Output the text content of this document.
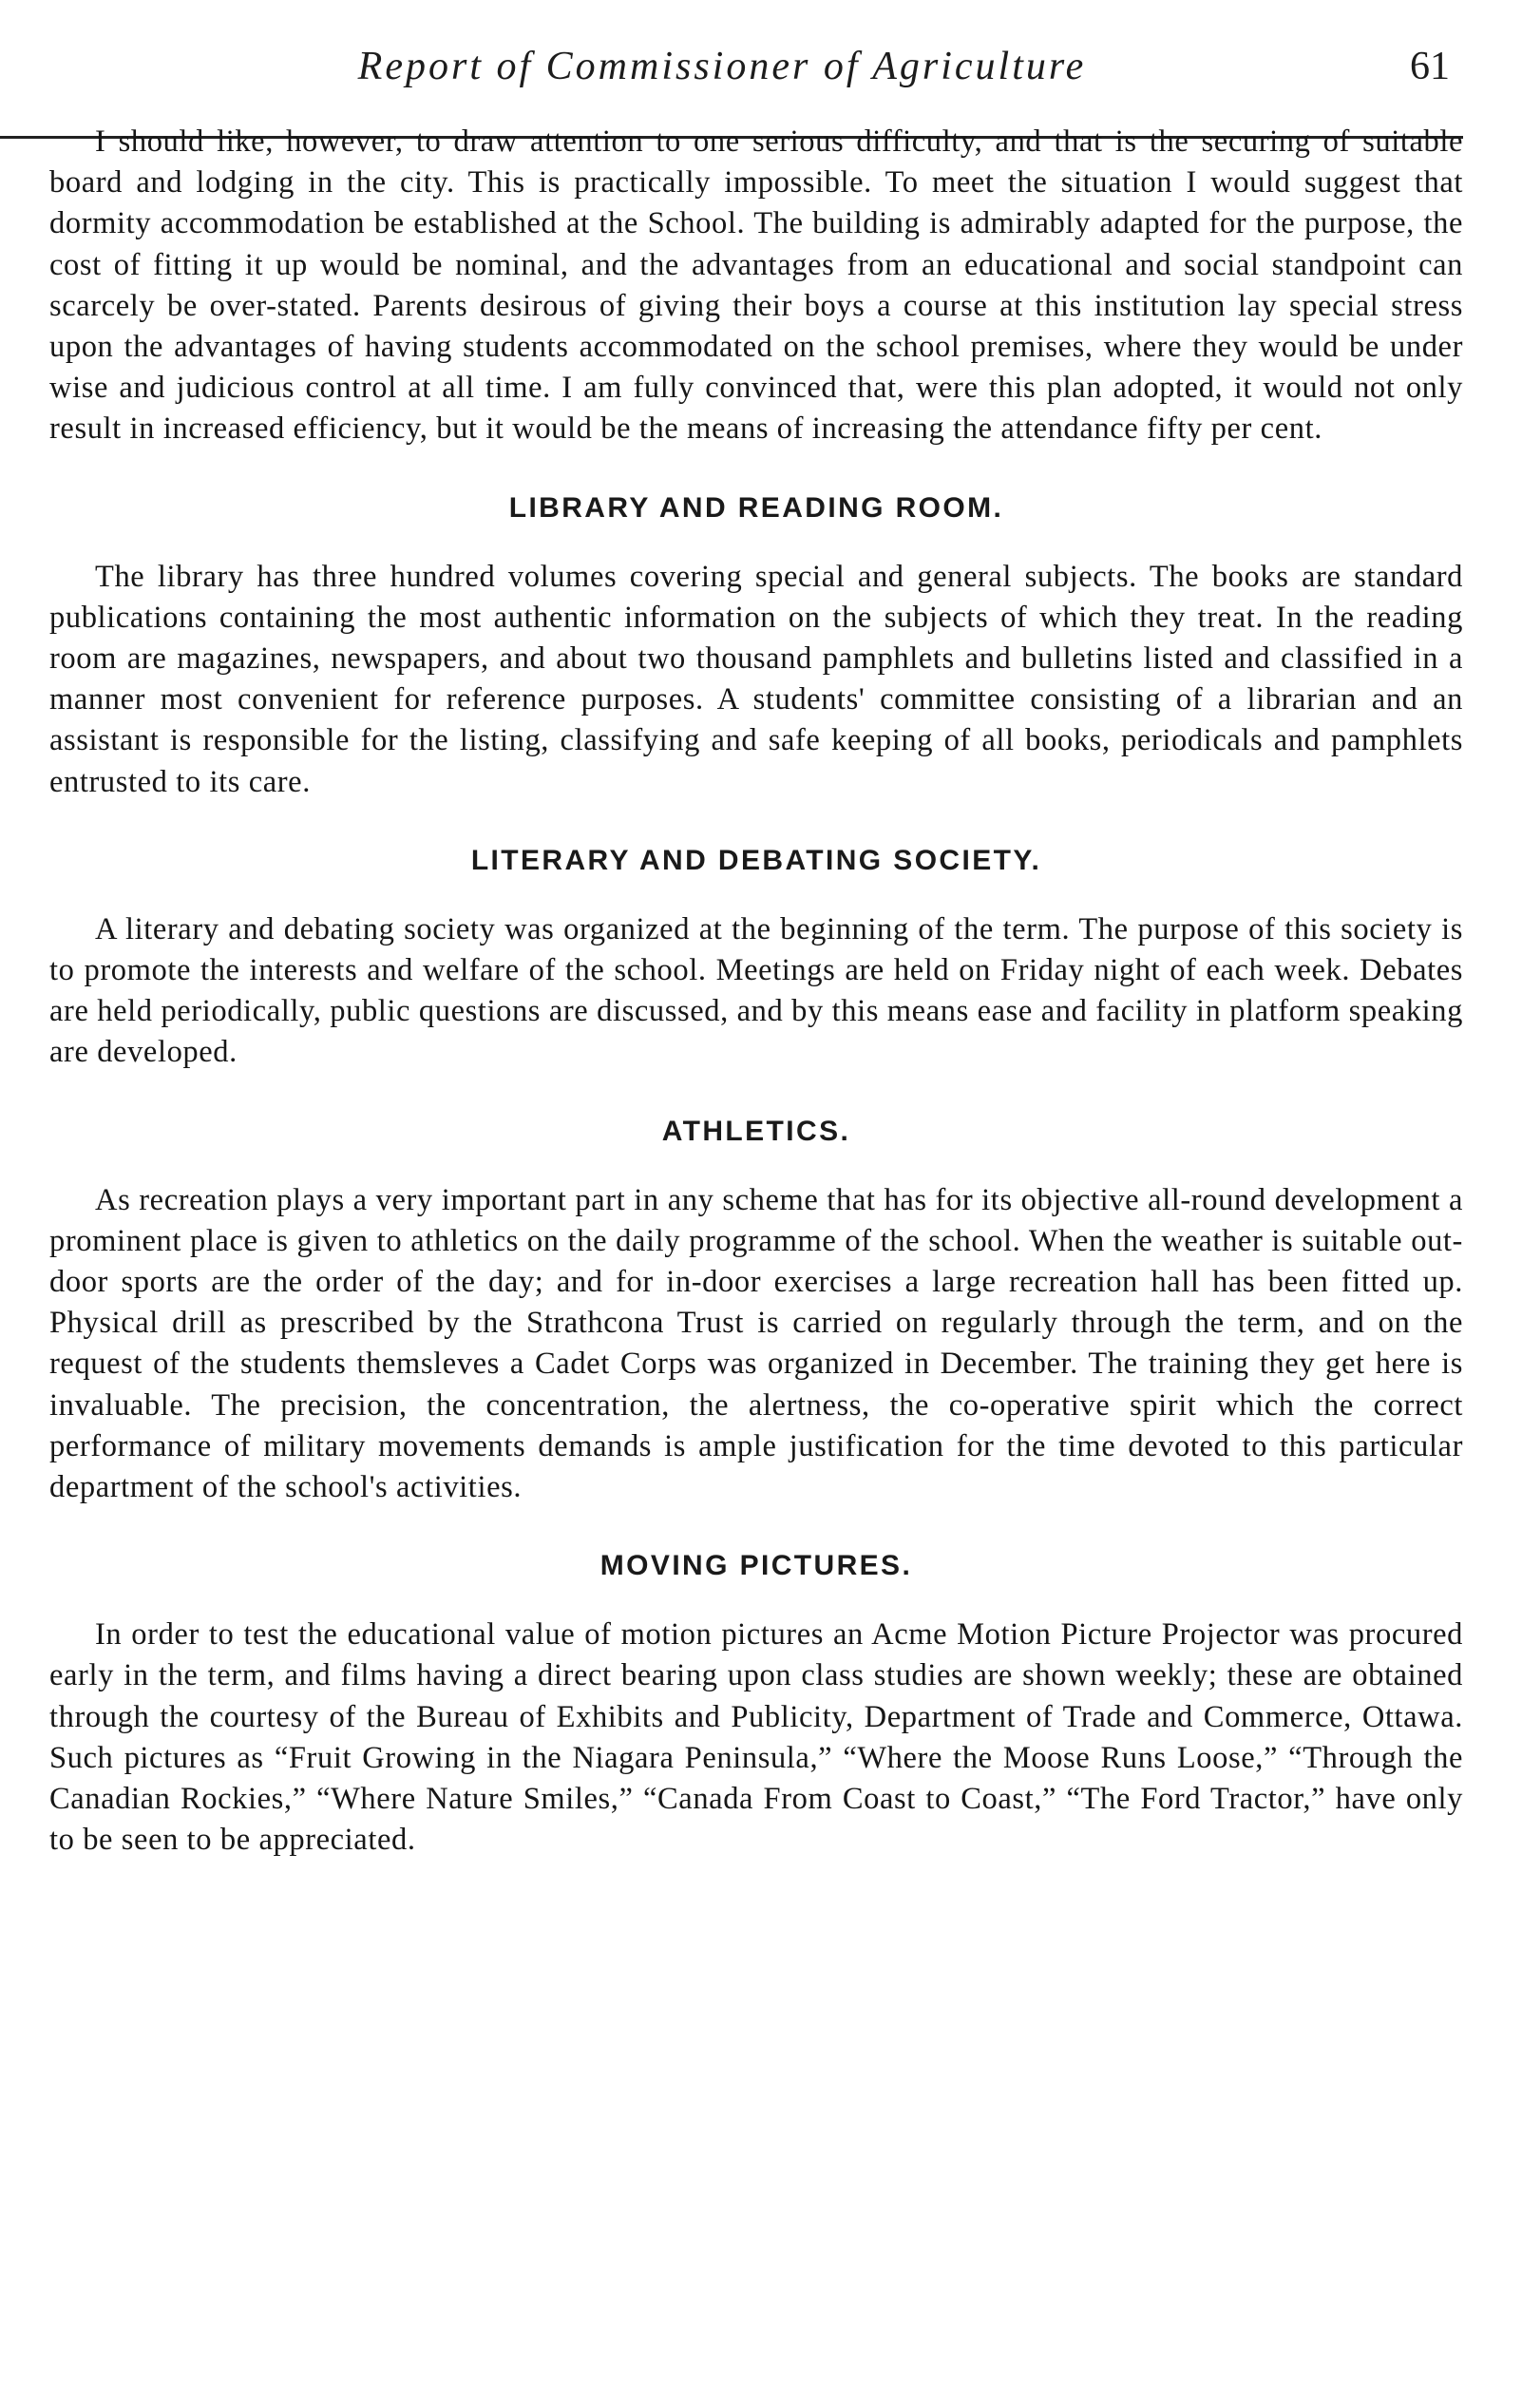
Report of Commissioner of Agriculture	61

I should like, however, to draw attention to one serious difficulty, and that is the securing of suitable board and lodging in the city. This is practically impossible. To meet the situation I would suggest that dormity accommodation be established at the School. The building is admirably adapted for the purpose, the cost of fitting it up would be nominal, and the advantages from an educational and social standpoint can scarcely be over-stated. Parents desirous of giving their boys a course at this institution lay special stress upon the advantages of having students accommodated on the school premises, where they would be under wise and judicious control at all time. I am fully convinced that, were this plan adopted, it would not only result in increased efficiency, but it would be the means of increasing the attendance fifty per cent.

LIBRARY AND READING ROOM.

The library has three hundred volumes covering special and general subjects. The books are standard publications containing the most authentic information on the subjects of which they treat. In the reading room are magazines, newspapers, and about two thousand pamphlets and bulletins listed and classified in a manner most convenient for reference purposes. A students' committee consisting of a librarian and an assistant is responsible for the listing, classifying and safe keeping of all books, periodicals and pamphlets entrusted to its care.

LITERARY AND DEBATING SOCIETY.

A literary and debating society was organized at the beginning of the term. The purpose of this society is to promote the interests and welfare of the school. Meetings are held on Friday night of each week. Debates are held periodically, public questions are discussed, and by this means ease and facility in platform speaking are developed.

ATHLETICS.

As recreation plays a very important part in any scheme that has for its objective all-round development a prominent place is given to athletics on the daily programme of the school. When the weather is suitable out-door sports are the order of the day; and for in-door exercises a large recreation hall has been fitted up. Physical drill as prescribed by the Strathcona Trust is carried on regularly through the term, and on the request of the students themsleves a Cadet Corps was organized in December. The training they get here is invaluable. The precision, the concentration, the alertness, the co-operative spirit which the correct performance of military movements demands is ample justification for the time devoted to this particular department of the school's activities.

MOVING PICTURES.

In order to test the educational value of motion pictures an Acme Motion Picture Projector was procured early in the term, and films having a direct bearing upon class studies are shown weekly; these are obtained through the courtesy of the Bureau of Exhibits and Publicity, Department of Trade and Commerce, Ottawa. Such pictures as “Fruit Growing in the Niagara Peninsula,” “Where the Moose Runs Loose,” “Through the Canadian Rockies,” “Where Nature Smiles,” “Canada From Coast to Coast,” “The Ford Tractor,” have only to be seen to be appreciated.
